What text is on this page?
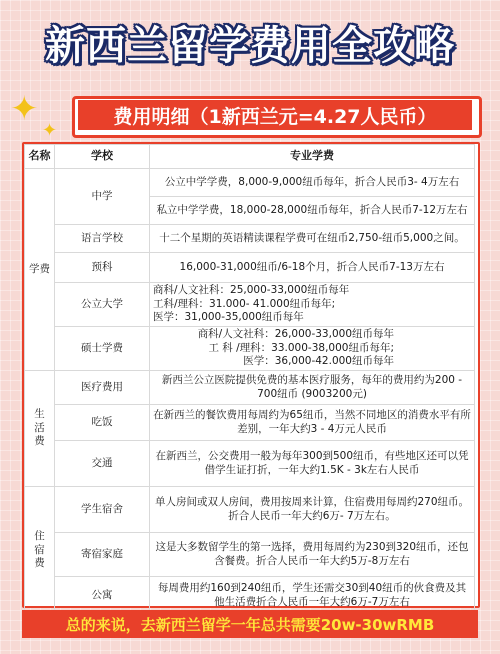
新西兰留学费用全攻略
✦
✦
费用明细（1新西兰元=4.27人民币）
名称	学校	专业学费
学费	中学	公立中学学费，8,000-9,000纽币每年，折合人民币3- 4万左右
		私立中学学费，18,000-28,000纽币每年，折合人民币7-12万左右
	语言学校	十二个星期的英语精读课程学费可在纽币2,750-纽币5,000之间。
	预科	16,000-31,000纽币/6-18个月，折合人民币7-13万左右
	公立大学	商科/人文社科：25,000-33,000纽币每年
工科/理科：31.000- 41.000纽币每年;
医学：31,000-35,000纽币每年

	硕士学费	商科/人文社科：26,000-33,000纽币每年
工 科 /理科：33.000-38,000纽币每年;
医学：36,000-42.000纽币每年

生活费	医疗费用	新西兰公立医院提供免费的基本医疗服务，每年的费用约为200 - 700纽币 (9003200元)
	吃饭	在新西兰的餐饮费用每周约为65纽币，当然不同地区的消费水平有所差别，一年大约3 - 4万元人民币
	交通	在新西兰，公交费用一般为每年300到500纽币，有些地区还可以凭借学生证打折，一年大约1.5K - 3k左右人民币

住宿费	学生宿舍	单人房间或双人房间，费用按周来计算，住宿费用每周约270纽币。折合人民币一年大约6万- 7万左右。
	寄宿家庭	这是大多数留学生的第一选择，费用每周约为230到320纽币，还包含餐费。折合人民币一年大约5万-8万左右
	公寓	每周费用约160到240纽币，学生还需交30到40纽币的伙食费及其他生活费折合人民币一年大约6万-7万左右
总的来说，去新西兰留学一年总共需要20w-30wRMB
